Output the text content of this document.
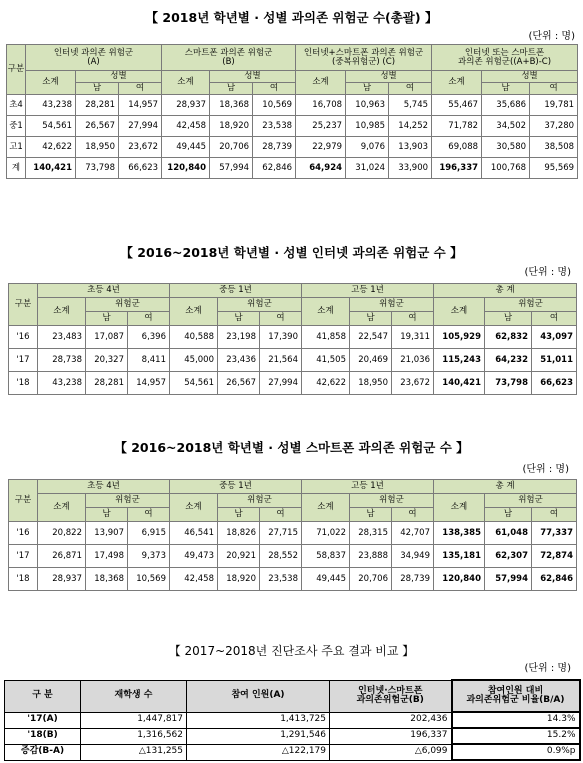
【 2018년 학년별 · 성별 과의존 위험군 수(총괄) 】
(단위 : 명)
구분	인터넷 과의존 위험군
(A)			스마트폰 과의존 위험군
(B)			인터넷+스마트폰 과의존 위험군
(중복위험군) (C)			인터넷 또는 스마트폰
과의존 위험군((A+B)-C)		
	소계	성별		소계	성별		소계	성별		소계	성별	
		남	여		남	여		남	여		남	여
초4	43,238	28,281	14,957	28,937	18,368	10,569	16,708	10,963	5,745	55,467	35,686	19,781
중1	54,561	26,567	27,994	42,458	18,920	23,538	25,237	10,985	14,252	71,782	34,502	37,280
고1	42,622	18,950	23,672	49,445	20,706	28,739	22,979	9,076	13,903	69,088	30,580	38,508
계	140,421	73,798	66,623	120,840	57,994	62,846	64,924	31,024	33,900	196,337	100,768	95,569
【 2016~2018년 학년별 · 성별 인터넷 과의존 위험군 수 】
(단위 : 명)
구분	초등 4년			중등 1년			고등 1년			총 계		
	소계	위험군		소계	위험군		소계	위험군		소계	위험군	
		남	여		남	여		남	여		남	여
'16	23,483	17,087	6,396	40,588	23,198	17,390	41,858	22,547	19,311	105,929	62,832	43,097
'17	28,738	20,327	8,411	45,000	23,436	21,564	41,505	20,469	21,036	115,243	64,232	51,011
'18	43,238	28,281	14,957	54,561	26,567	27,994	42,622	18,950	23,672	140,421	73,798	66,623
【 2016~2018년 학년별 · 성별 스마트폰 과의존 위험군 수 】
(단위 : 명)
구분	초등 4년			중등 1년			고등 1년			총 계		
	소계	위험군		소계	위험군		소계	위험군		소계	위험군	
		남	여		남	여		남	여		남	여
'16	20,822	13,907	6,915	46,541	18,826	27,715	71,022	28,315	42,707	138,385	61,048	77,337
'17	26,871	17,498	9,373	49,473	20,921	28,552	58,837	23,888	34,949	135,181	62,307	72,874
'18	28,937	18,368	10,569	42,458	18,920	23,538	49,445	20,706	28,739	120,840	57,994	62,846
【 2017~2018년 진단조사 주요 결과 비교 】
(단위 : 명)
구 분	재학생 수	참여 인원(A)	인터넷·스마트폰
과의존위험군(B)	참여인원 대비
과의존위험군 비율(B/A)
'17(A)	1,447,817	1,413,725	202,436	14.3%
'18(B)	1,316,562	1,291,546	196,337	15.2%
증감(B-A)	△131,255	△122,179	△6,099	0.9%p
